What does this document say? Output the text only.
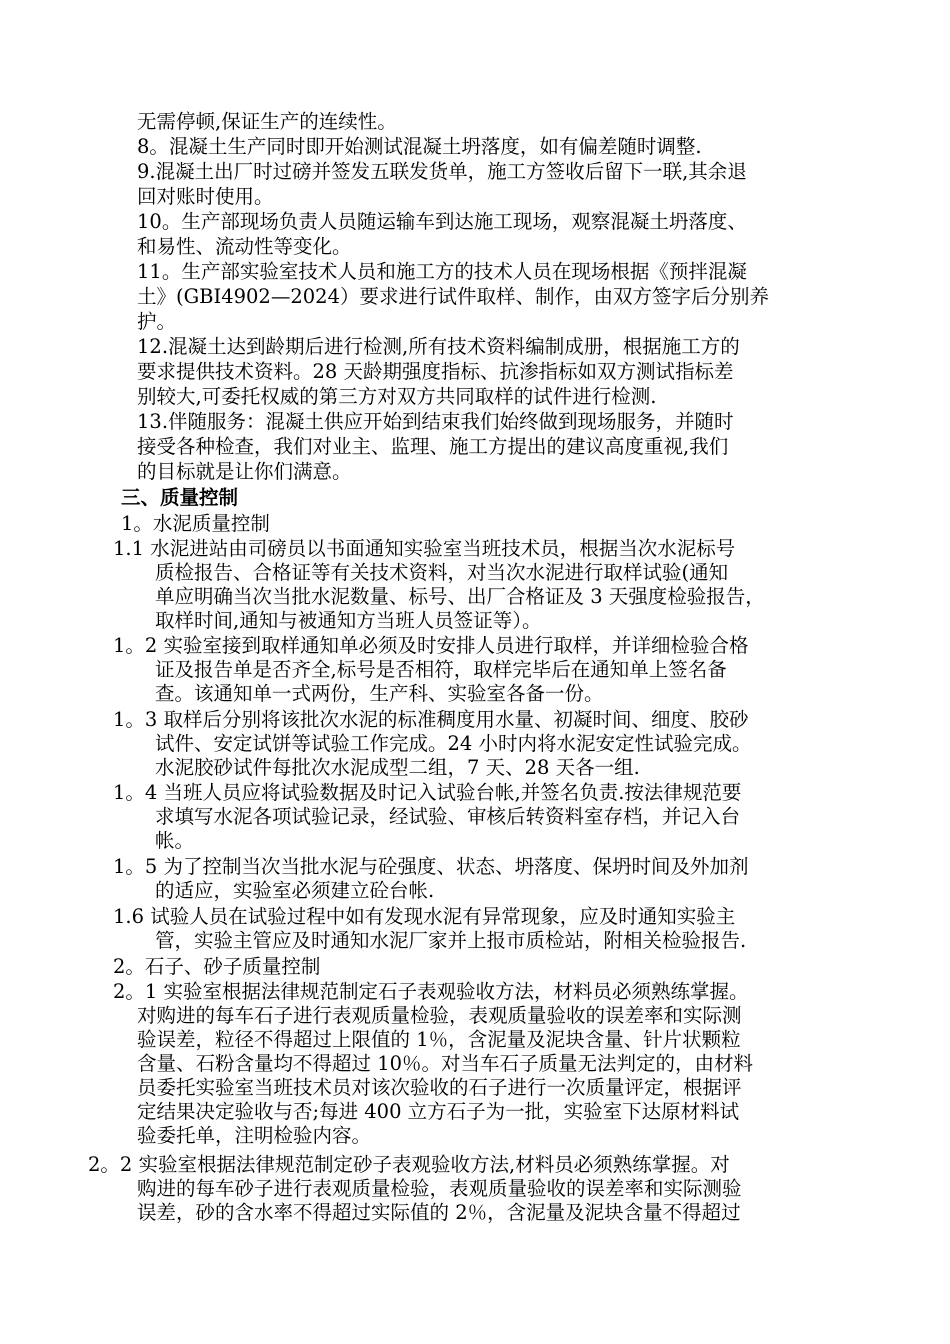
无需停顿,保证生产的连续性。
8。混凝土生产同时即开始测试混凝土坍落度，如有偏差随时调整.
9.混凝土出厂时过磅并签发五联发货单，施工方签收后留下一联,其余退
回对账时使用。
10。生产部现场负责人员随运输车到达施工现场，观察混凝土坍落度、
和易性、流动性等变化。
11。生产部实验室技术人员和施工方的技术人员在现场根据《预拌混凝
土》(GBI4902—2024）要求进行试件取样、制作，由双方签字后分别养
护。
12.混凝土达到龄期后进行检测,所有技术资料编制成册，根据施工方的
要求提供技术资料。28 天龄期强度指标、抗渗指标如双方测试指标差
别较大,可委托权威的第三方对双方共同取样的试件进行检测.
13.伴随服务：混凝土供应开始到结束我们始终做到现场服务，并随时
接受各种检查，我们对业主、监理、施工方提出的建议高度重视,我们
的目标就是让你们满意。
三、质量控制
1。水泥质量控制
1.1 水泥进站由司磅员以书面通知实验室当班技术员，根据当次水泥标号
质检报告、合格证等有关技术资料，对当次水泥进行取样试验(通知
单应明确当次当批水泥数量、标号、出厂合格证及 3 天强度检验报告，
取样时间,通知与被通知方当班人员签证等）。
1。2 实验室接到取样通知单必须及时安排人员进行取样，并详细检验合格
证及报告单是否齐全,标号是否相符，取样完毕后在通知单上签名备
查。该通知单一式两份，生产科、实验室各备一份。
1。3 取样后分别将该批次水泥的标准稠度用水量、初凝时间、细度、胶砂
试件、安定试饼等试验工作完成。24 小时内将水泥安定性试验完成。
水泥胶砂试件每批次水泥成型二组，7 天、28 天各一组.
1。4 当班人员应将试验数据及时记入试验台帐,并签名负责.按法律规范要
求填写水泥各项试验记录，经试验、审核后转资料室存档，并记入台
帐。
1。5 为了控制当次当批水泥与砼强度、状态、坍落度、保坍时间及外加剂
的适应，实验室必须建立砼台帐.
1.6 试验人员在试验过程中如有发现水泥有异常现象，应及时通知实验主
管，实验主管应及时通知水泥厂家并上报市质检站，附相关检验报告.
2。石子、砂子质量控制
2。1 实验室根据法律规范制定石子表观验收方法，材料员必须熟练掌握。
对购进的每车石子进行表观质量检验，表观质量验收的误差率和实际测
验误差，粒径不得超过上限值的 1％，含泥量及泥块含量、针片状颗粒
含量、石粉含量均不得超过 10％。对当车石子质量无法判定的，由材料
员委托实验室当班技术员对该次验收的石子进行一次质量评定，根据评
定结果决定验收与否;每进 400 立方石子为一批，实验室下达原材料试
验委托单，注明检验内容。
2。2 实验室根据法律规范制定砂子表观验收方法,材料员必须熟练掌握。对
购进的每车砂子进行表观质量检验，表观质量验收的误差率和实际测验
误差，砂的含水率不得超过实际值的 2％，含泥量及泥块含量不得超过
